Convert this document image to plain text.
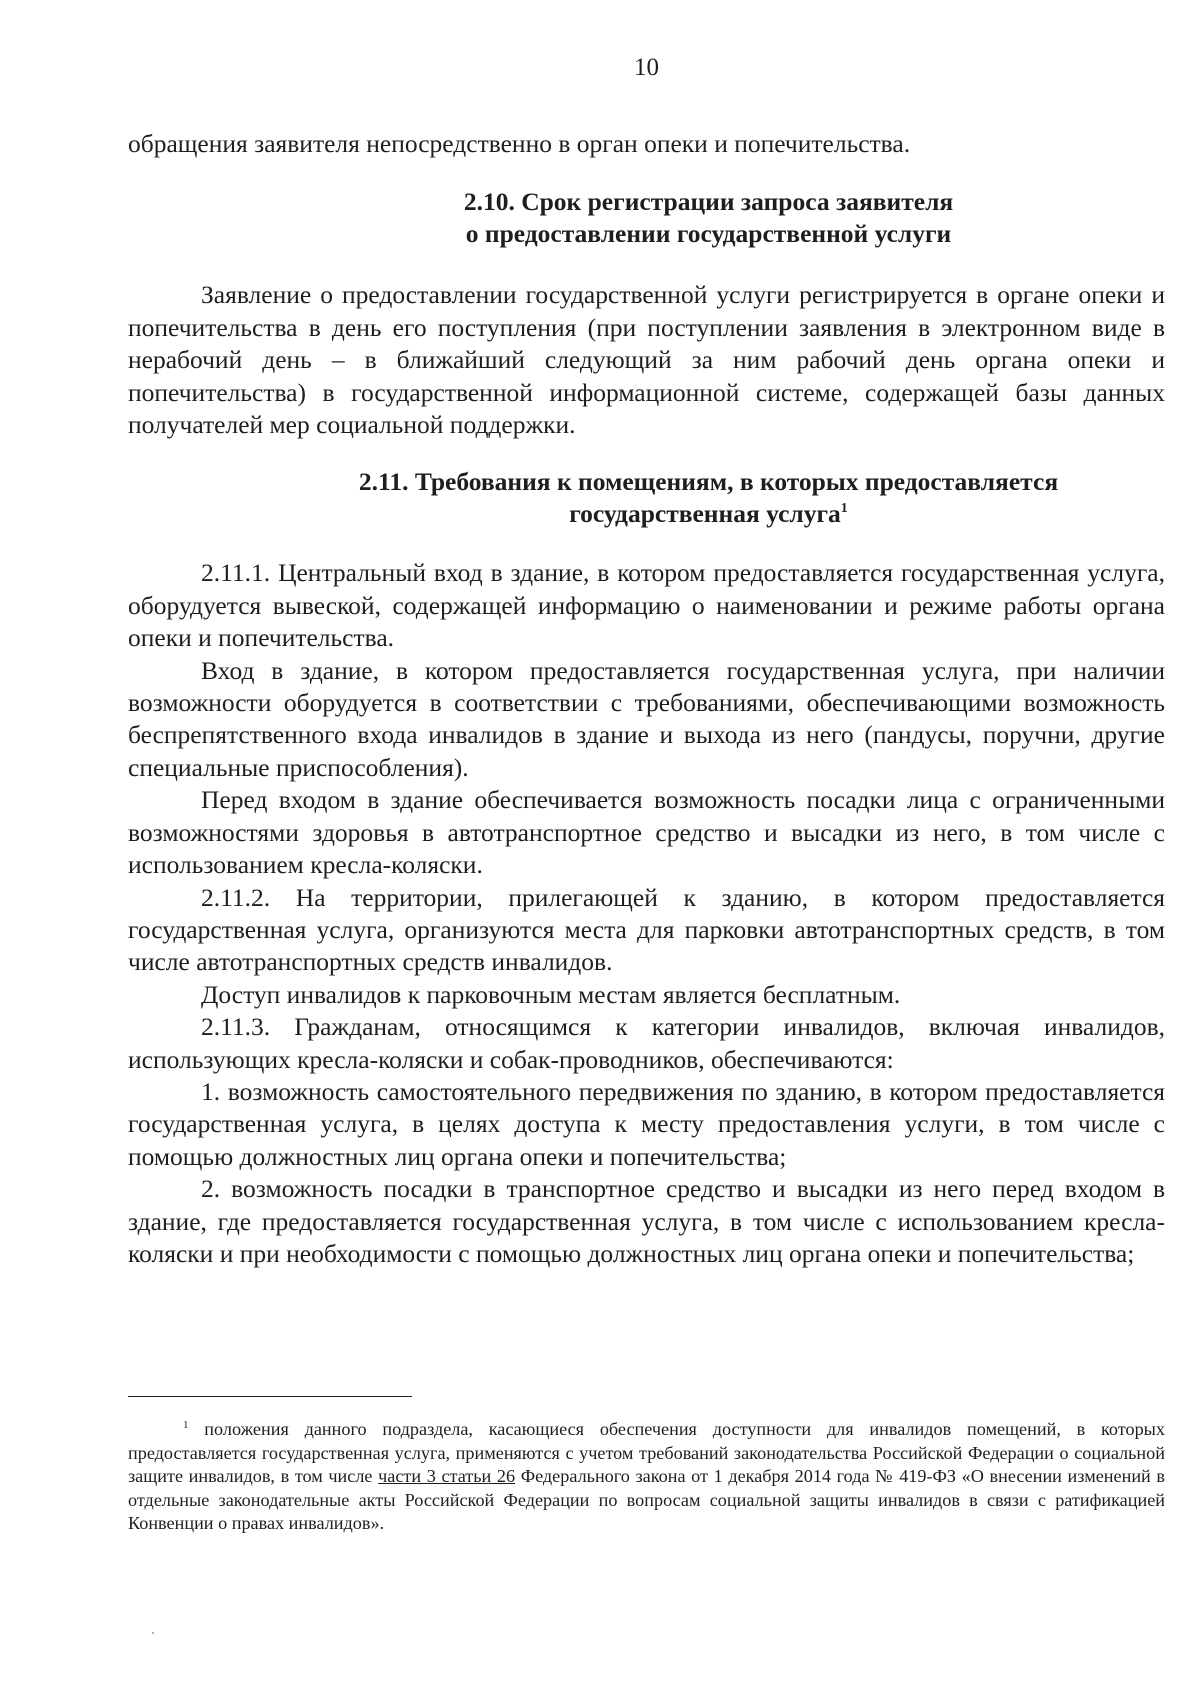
10

обращения заявителя непосредственно в орган опеки и попечительства.

2.10. Срок регистрации запроса заявителя
о предоставлении государственной услуги

Заявление о предоставлении государственной услуги регистрируется в органе опеки и попечительства в день его поступления (при поступлении заявления в электронном виде в нерабочий день – в ближайший следующий за ним рабочий день органа опеки и попечительства) в государственной информационной системе, содержащей базы данных получателей мер социальной поддержки.

2.11. Требования к помещениям, в которых предоставляется
государственная услуга$^1$

2.11.1. Центральный вход в здание, в котором предоставляется государственная услуга, оборудуется вывеской, содержащей информацию о наименовании и режиме работы органа опеки и попечительства.

Вход в здание, в котором предоставляется государственная услуга, при наличии возможности оборудуется в соответствии с требованиями, обеспечивающими возможность беспрепятственного входа инвалидов в здание и выхода из него (пандусы, поручни, другие специальные приспособления).

Перед входом в здание обеспечивается возможность посадки лица с ограниченными возможностями здоровья в автотранспортное средство и высадки из него, в том числе с использованием кресла-коляски.

2.11.2. На территории, прилегающей к зданию, в котором предоставляется государственная услуга, организуются места для парковки автотранспортных средств, в том числе автотранспортных средств инвалидов.

Доступ инвалидов к парковочным местам является бесплатным.

2.11.3. Гражданам, относящимся к категории инвалидов, включая инвалидов, использующих кресла-коляски и собак-проводников, обеспечиваются:

1. возможность самостоятельного передвижения по зданию, в котором предоставляется государственная услуга, в целях доступа к месту предоставления услуги, в том числе с помощью должностных лиц органа опеки и попечительства;

2. возможность посадки в транспортное средство и высадки из него перед входом в здание, где предоставляется государственная услуга, в том числе с использованием кресла-коляски и при необходимости с помощью должностных лиц органа опеки и попечительства;

$^1$ положения данного подраздела, касающиеся обеспечения доступности для инвалидов помещений, в которых предоставляется государственная услуга, применяются с учетом требований законодательства Российской Федерации о социальной защите инвалидов, в том числе части 3 статьи 26 Федерального закона от 1 декабря 2014 года № 419-ФЗ «О внесении изменений в отдельные законодательные акты Российской Федерации по вопросам социальной защиты инвалидов в связи с ратификацией Конвенции о правах инвалидов».
